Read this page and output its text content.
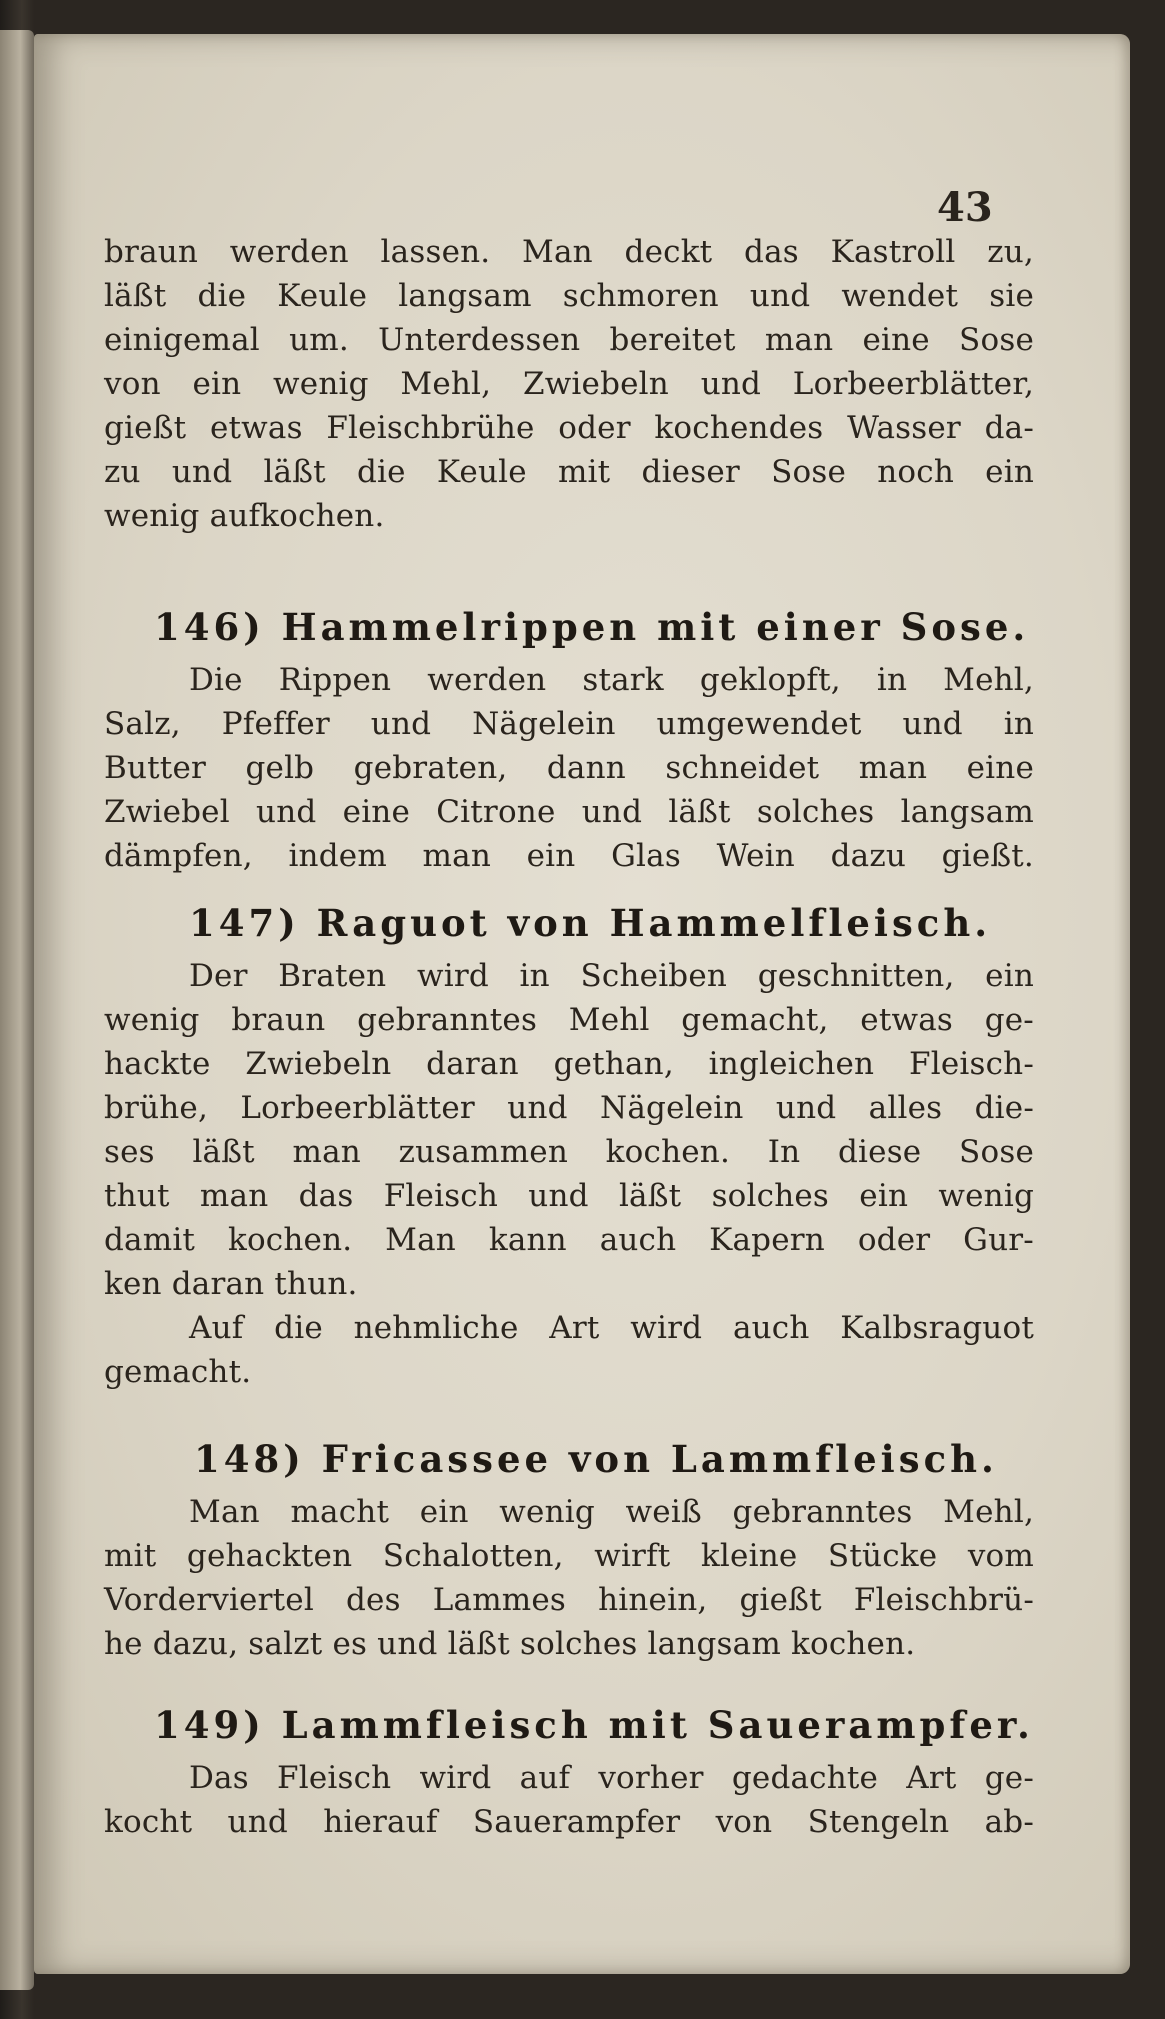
43
braun werden lassen. Man deckt das Kastroll zu,
läßt die Keule langsam schmoren und wendet sie
einigemal um. Unterdessen bereitet man eine Sose
von ein wenig Mehl, Zwiebeln und Lorbeerblätter,
gießt etwas Fleischbrühe oder kochendes Wasser da-
zu und läßt die Keule mit dieser Sose noch ein
wenig aufkochen.
146) Hammelrippen mit einer Sose.
Die Rippen werden stark geklopft, in Mehl,
Salz, Pfeffer und Nägelein umgewendet und in
Butter gelb gebraten, dann schneidet man eine
Zwiebel und eine Citrone und läßt solches langsam
dämpfen, indem man ein Glas Wein dazu gießt.
147) Raguot von Hammelfleisch.
Der Braten wird in Scheiben geschnitten, ein
wenig braun gebranntes Mehl gemacht, etwas ge-
hackte Zwiebeln daran gethan, ingleichen Fleisch-
brühe, Lorbeerblätter und Nägelein und alles die-
ses läßt man zusammen kochen. In diese Sose
thut man das Fleisch und läßt solches ein wenig
damit kochen. Man kann auch Kapern oder Gur-
ken daran thun.
Auf die nehmliche Art wird auch Kalbsraguot
gemacht.
148) Fricassee von Lammfleisch.
Man macht ein wenig weiß gebranntes Mehl,
mit gehackten Schalotten, wirft kleine Stücke vom
Vorderviertel des Lammes hinein, gießt Fleischbrü-
he dazu, salzt es und läßt solches langsam kochen.
149) Lammfleisch mit Sauerampfer.
Das Fleisch wird auf vorher gedachte Art ge-
kocht und hierauf Sauerampfer von Stengeln ab-
